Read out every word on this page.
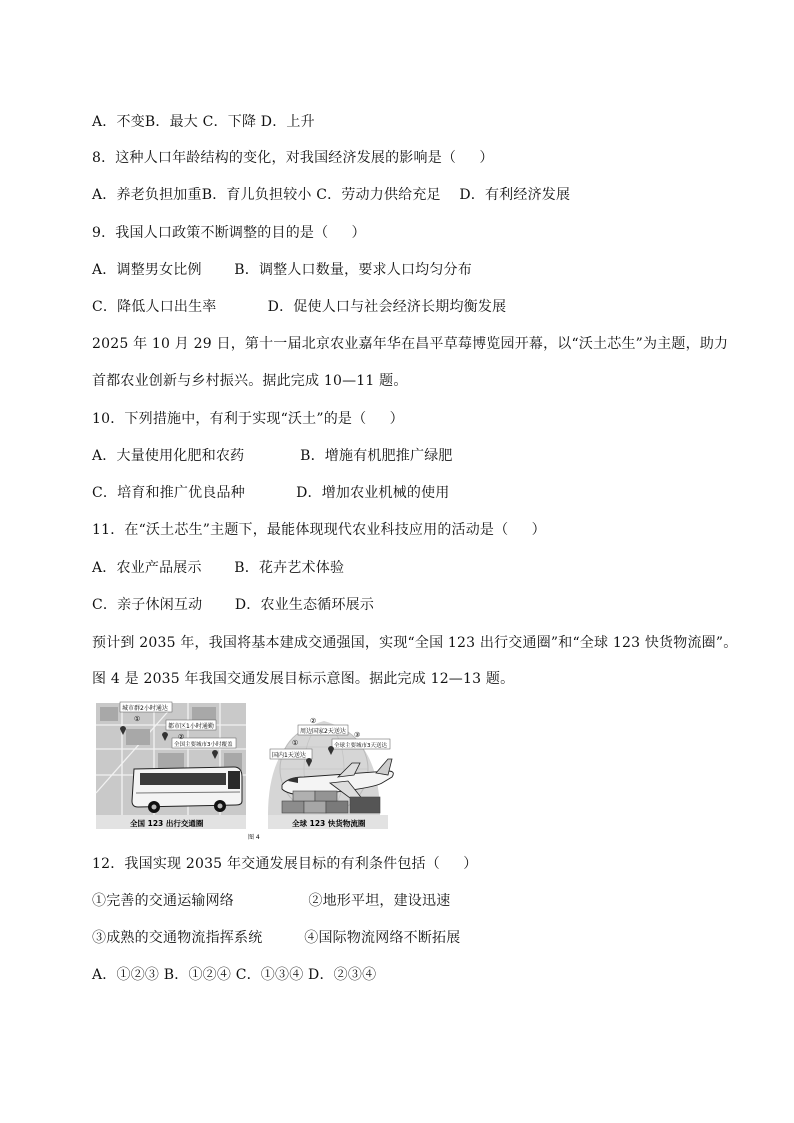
A．不变B．最大 C．下降 D．上升
8．这种人口年龄结构的变化，对我国经济发展的影响是（     ）
A．养老负担加重B．育儿负担较小 C．劳动力供给充足    D．有利经济发展
9．我国人口政策不断调整的目的是（     ）
A．调整男女比例       B．调整人口数量，要求人口均匀分布
C．降低人口出生率           D．促使人口与社会经济长期均衡发展
2025 年 10 月 29 日，第十一届北京农业嘉年华在昌平草莓博览园开幕，以“沃土芯生”为主题，助力
首都农业创新与乡村振兴。据此完成 10—11 题。
10．下列措施中，有利于实现“沃土”的是（     ）
A．大量使用化肥和农药            B．增施有机肥推广绿肥
C．培育和推广优良品种           D．增加农业机械的使用
11．在“沃土芯生”主题下，最能体现现代农业科技应用的活动是（     ）
A．农业产品展示       B．花卉艺术体验
C．亲子休闲互动       D．农业生态循环展示
预计到 2035 年，我国将基本建成交通强国，实现“全国 123 出行交通圈”和“全球 123 快货物流圈”。
图 4 是 2035 年我国交通发展目标示意图。据此完成 12—13 题。
城市群2小时通达
都市区1小时通勤
全国主要城市3小时覆盖
①
②
全国 123 出行交通圈
②
周边国家2天送达
全球主要城市3天送达
国内1天送达
①
③
全球 123 快货物流圈
图 4
12．我国实现 2035 年交通发展目标的有利条件包括（     ）
①完善的交通运输网络                ②地形平坦，建设迅速
③成熟的交通物流指挥系统         ④国际物流网络不断拓展
A．①②③ B．①②④ C．①③④ D．②③④
